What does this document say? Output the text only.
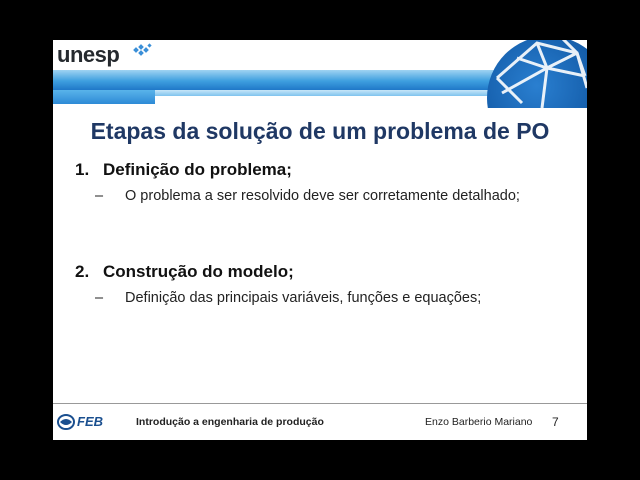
unesp
Etapas da solução de um problema de PO
1. Definição do problema;
–	O problema a ser resolvido deve ser corretamente detalhado;
2. Construção do modelo;
–	Definição das principais variáveis, funções e equações;
FEB	Introdução a engenharia de produção	Enzo Barberio Mariano 7
